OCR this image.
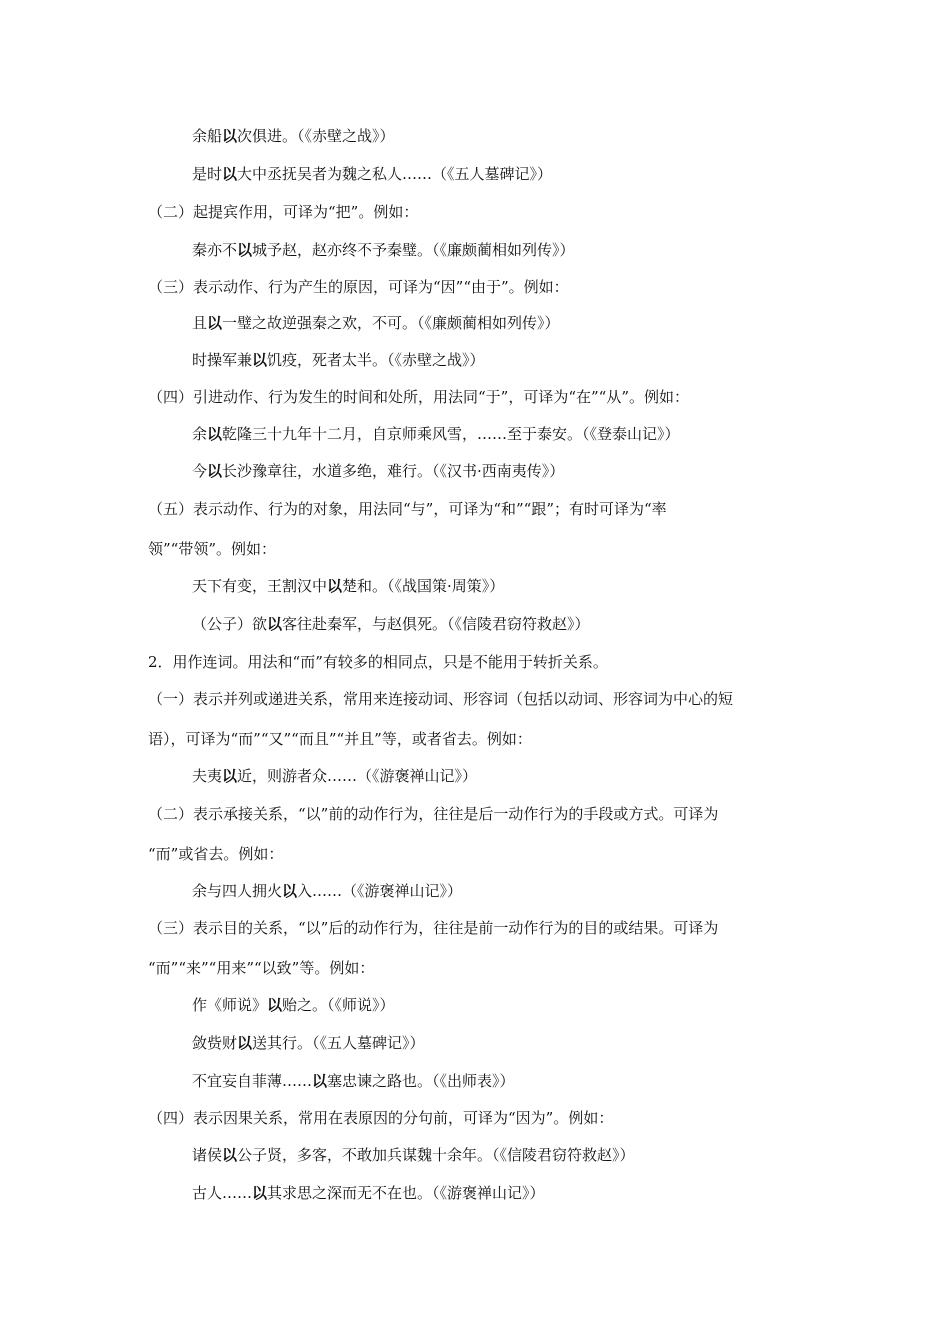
余船以次俱进。（《赤壁之战》）
是时以大中丞抚吴者为魏之私人……（《五人墓碑记》）
（二）起提宾作用，可译为“把”。例如：
秦亦不以城予赵，赵亦终不予秦璧。（《廉颇蔺相如列传》）
（三）表示动作、行为产生的原因，可译为“因”“由于”。例如：
且以一璧之故逆强秦之欢，不可。（《廉颇蔺相如列传》）
时操军兼以饥疫，死者太半。（《赤壁之战》）
（四）引进动作、行为发生的时间和处所，用法同“于”，可译为“在”“从”。例如：
余以乾隆三十九年十二月，自京师乘风雪，……至于泰安。（《登泰山记》）
今以长沙豫章往，水道多绝，难行。（《汉书·西南夷传》）
（五）表示动作、行为的对象，用法同“与”，可译为“和”“跟”；有时可译为“率
领”“带领”。例如：
天下有变，王割汉中以楚和。（《战国策·周策》）
（公子）欲以客往赴秦军，与赵俱死。（《信陵君窃符救赵》）
2．用作连词。用法和“而”有较多的相同点，只是不能用于转折关系。
（一）表示并列或递进关系，常用来连接动词、形容词（包括以动词、形容词为中心的短
语），可译为“而”“又”“而且”“并且”等，或者省去。例如：
夫夷以近，则游者众……（《游褒禅山记》）
（二）表示承接关系，“以”前的动作行为，往往是后一动作行为的手段或方式。可译为
“而”或省去。例如：
余与四人拥火以入……（《游褒禅山记》）
（三）表示目的关系，“以”后的动作行为，往往是前一动作行为的目的或结果。可译为
“而”“来”“用来”“以致”等。例如：
作《师说》以贻之。（《师说》）
敛赀财以送其行。（《五人墓碑记》）
不宜妄自菲薄……以塞忠谏之路也。（《出师表》）
（四）表示因果关系，常用在表原因的分句前，可译为“因为”。例如：
诸侯以公子贤，多客，不敢加兵谋魏十余年。（《信陵君窃符救赵》）
古人……以其求思之深而无不在也。（《游褒禅山记》）
